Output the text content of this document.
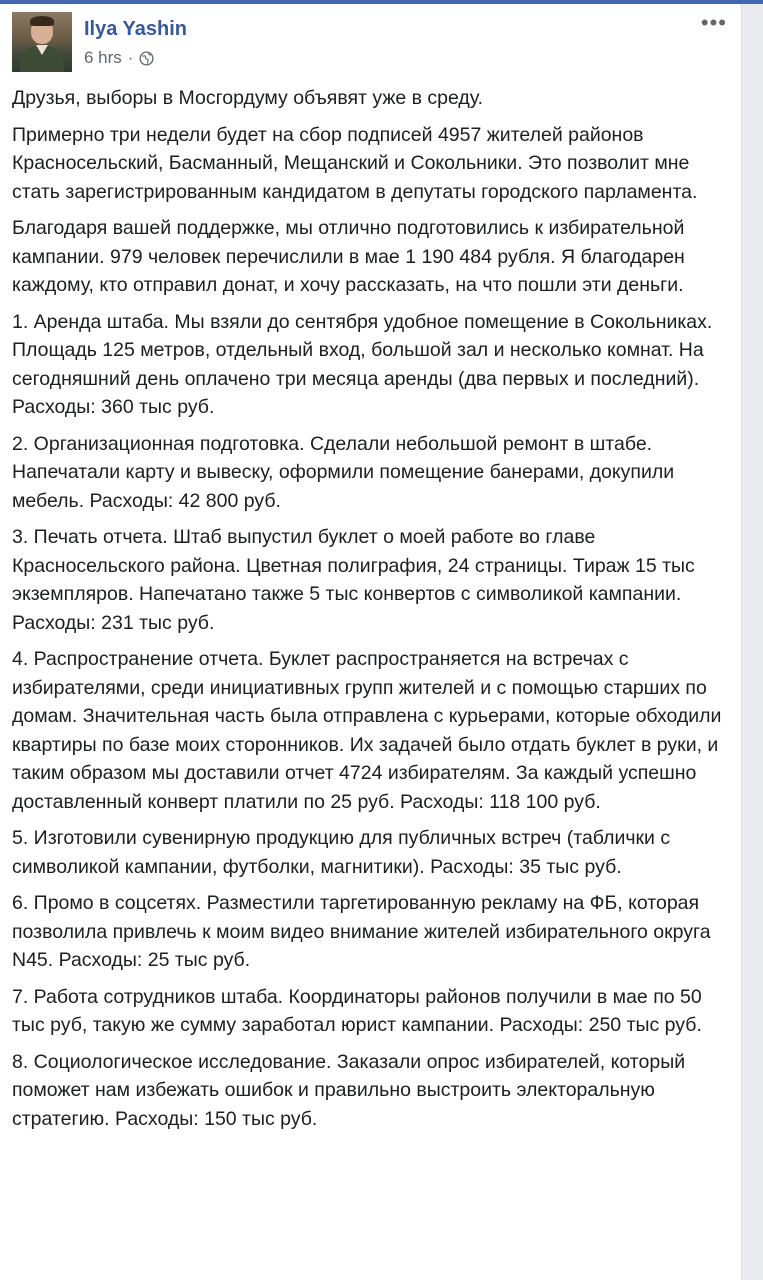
Ilya Yashin
6 hrs ·
•••

Друзья, выборы в Мосгордуму объявят уже в среду.

Примерно три недели будет на сбор подписей 4957 жителей районов Красносельский, Басманный, Мещанский и Сокольники. Это позволит мне стать зарегистрированным кандидатом в депутаты городского парламента.

Благодаря вашей поддержке, мы отлично подготовились к избирательной кампании. 979 человек перечислили в мае 1 190 484 рубля. Я благодарен каждому, кто отправил донат, и хочу рассказать, на что пошли эти деньги.

1. Аренда штаба. Мы взяли до сентября удобное помещение в Сокольниках. Площадь 125 метров, отдельный вход, большой зал и несколько комнат. На сегодняшний день оплачено три месяца аренды (два первых и последний). Расходы: 360 тыс руб.

2. Организационная подготовка. Сделали небольшой ремонт в штабе. Напечатали карту и вывеску, оформили помещение банерами, докупили мебель. Расходы: 42 800 руб.

3. Печать отчета. Штаб выпустил буклет о моей работе во главе Красносельского района. Цветная полиграфия, 24 страницы. Тираж 15 тыс экземпляров. Напечатано также 5 тыс конвертов с символикой кампании. Расходы: 231 тыс руб.

4. Распространение отчета. Буклет распространяется на встречах с избирателями, среди инициативных групп жителей и с помощью старших по домам. Значительная часть была отправлена с курьерами, которые обходили квартиры по базе моих сторонников. Их задачей было отдать буклет в руки, и таким образом мы доставили отчет 4724 избирателям. За каждый успешно доставленный конверт платили по 25 руб. Расходы: 118 100 руб.

5. Изготовили сувенирную продукцию для публичных встреч (таблички с символикой кампании, футболки, магнитики). Расходы: 35 тыс руб.

6. Промо в соцсетях. Разместили таргетированную рекламу на ФБ, которая позволила привлечь к моим видео внимание жителей избирательного округа N45. Расходы: 25 тыс руб.

7. Работа сотрудников штаба. Координаторы районов получили в мае по 50 тыс руб, такую же сумму заработал юрист кампании. Расходы: 250 тыс руб.

8. Социологическое исследование. Заказали опрос избирателей, который поможет нам избежать ошибок и правильно выстроить электоральную стратегию. Расходы: 150 тыс руб.
